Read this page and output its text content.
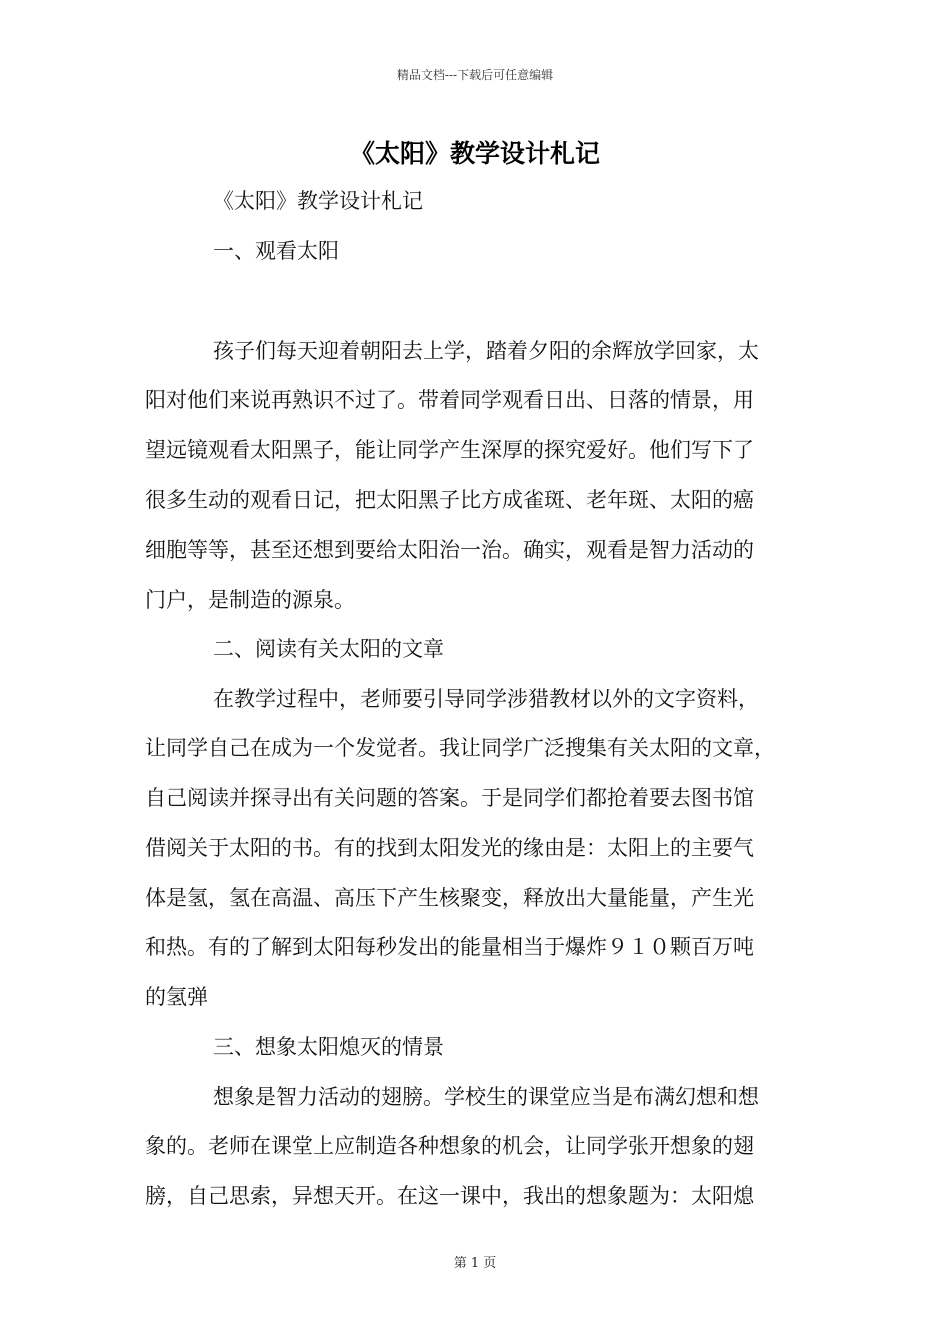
精品文档---下载后可任意编辑
《太阳》教学设计札记
《太阳》教学设计札记
一、观看太阳
孩子们每天迎着朝阳去上学，踏着夕阳的余辉放学回家，太
阳对他们来说再熟识不过了。带着同学观看日出、日落的情景，用
望远镜观看太阳黑子，能让同学产生深厚的探究爱好。他们写下了
很多生动的观看日记，把太阳黑子比方成雀斑、老年斑、太阳的癌
细胞等等，甚至还想到要给太阳治一治。确实，观看是智力活动的
门户，是制造的源泉。
二、阅读有关太阳的文章
在教学过程中，老师要引导同学涉猎教材以外的文字资料，
让同学自己在成为一个发觉者。我让同学广泛搜集有关太阳的文章，
自己阅读并探寻出有关问题的答案。于是同学们都抢着要去图书馆
借阅关于太阳的书。有的找到太阳发光的缘由是：太阳上的主要气
体是氢，氢在高温、高压下产生核聚变，释放出大量能量，产生光
和热。有的了解到太阳每秒发出的能量相当于爆炸９１０颗百万吨
的氢弹
三、想象太阳熄灭的情景
想象是智力活动的翅膀。学校生的课堂应当是布满幻想和想
象的。老师在课堂上应制造各种想象的机会，让同学张开想象的翅
膀，自己思索，异想天开。在这一课中，我出的想象题为：太阳熄
第 1 页
